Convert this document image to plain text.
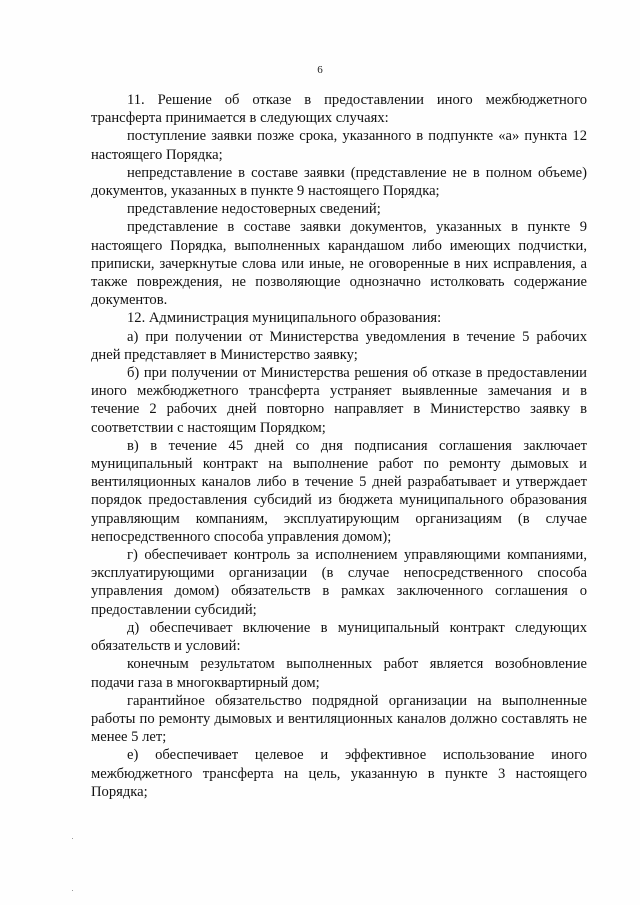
6

11. Решение об отказе в предоставлении иного межбюджетного трансферта принимается в следующих случаях:

поступление заявки позже срока, указанного в подпункте «а» пункта 12 настоящего Порядка;

непредставление в составе заявки (представление не в полном объеме) документов, указанных в пункте 9 настоящего Порядка;

представление недостоверных сведений;

представление в составе заявки документов, указанных в пункте 9 настоящего Порядка, выполненных карандашом либо имеющих подчистки, приписки, зачеркнутые слова или иные, не оговоренные в них исправления, а также повреждения, не позволяющие однозначно истолковать содержание документов.

12. Администрация муниципального образования:

а) при получении от Министерства уведомления в течение 5 рабочих дней представляет в Министерство заявку;

б) при получении от Министерства решения об отказе в предоставлении иного межбюджетного трансферта устраняет выявленные замечания и в течение 2 рабочих дней повторно направляет в Министерство заявку в соответствии с настоящим Порядком;

в) в течение 45 дней со дня подписания соглашения заключает муниципальный контракт на выполнение работ по ремонту дымовых и вентиляционных каналов либо в течение 5 дней разрабатывает и утверждает порядок предоставления субсидий из бюджета муниципального образования управляющим компаниям, эксплуатирующим организациям (в случае непосредственного способа управления домом);

г) обеспечивает контроль за исполнением управляющими компаниями, эксплуатирующими организации (в случае непосредственного способа управления домом) обязательств в рамках заключенного соглашения о предоставлении субсидий;

д) обеспечивает включение в муниципальный контракт следующих обязательств и условий:

конечным результатом выполненных работ является возобновление подачи газа в многоквартирный дом;

гарантийное обязательство подрядной организации на выполненные работы по ремонту дымовых и вентиляционных каналов должно составлять не менее 5 лет;

е) обеспечивает целевое и эффективное использование иного межбюджетного трансферта на цель, указанную в пункте 3 настоящего Порядка;
